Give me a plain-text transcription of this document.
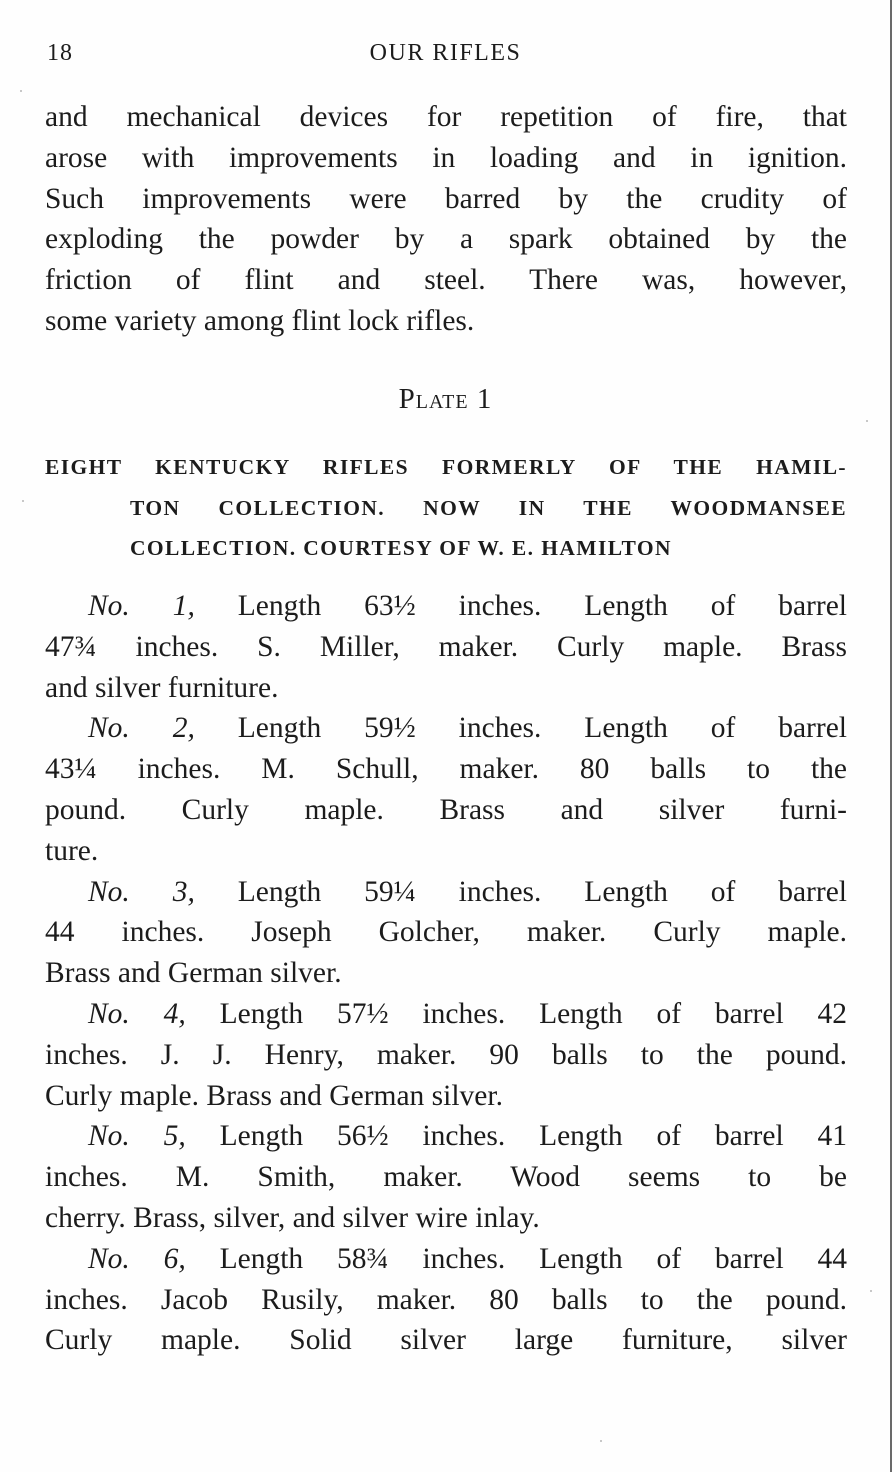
18	OUR RIFLES
and mechanical devices for repetition of fire, that
arose with improvements in loading and in ignition.
Such improvements were barred by the crudity of
exploding the powder by a spark obtained by the
friction of flint and steel. There was, however,
some variety among flint lock rifles.
Plate 1
EIGHT KENTUCKY RIFLES FORMERLY OF THE HAMIL-
TON COLLECTION. NOW IN THE WOODMANSEE
COLLECTION. COURTESY OF W. E. HAMILTON
No. 1, Length 63½ inches. Length of barrel
47¾ inches. S. Miller, maker. Curly maple. Brass
and silver furniture.
No. 2, Length 59½ inches. Length of barrel
43¼ inches. M. Schull, maker. 80 balls to the
pound. Curly maple. Brass and silver furni-
ture.
No. 3, Length 59¼ inches. Length of barrel
44 inches. Joseph Golcher, maker. Curly maple.
Brass and German silver.
No. 4, Length 57½ inches. Length of barrel 42
inches. J. J. Henry, maker. 90 balls to the pound.
Curly maple. Brass and German silver.
No. 5, Length 56½ inches. Length of barrel 41
inches. M. Smith, maker. Wood seems to be
cherry. Brass, silver, and silver wire inlay.
No. 6, Length 58¾ inches. Length of barrel 44
inches. Jacob Rusily, maker. 80 balls to the pound.
Curly maple. Solid silver large furniture, silver
